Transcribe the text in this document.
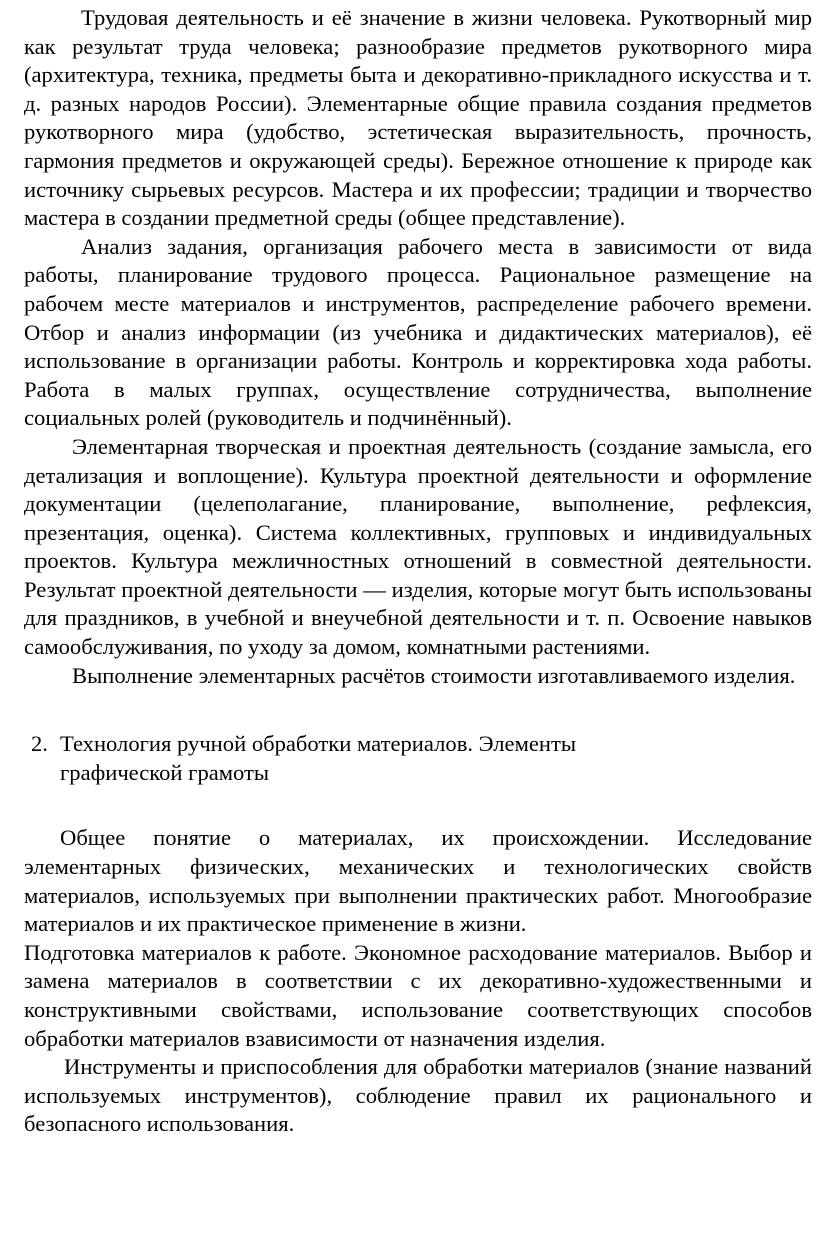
Трудовая деятельность и её значение в жизни человека. Рукотворный мир как результат труда человека; разнообразие предметов рукотворного мира (архитектура, техника, предметы быта и декоративно-прикладного искусства и т. д. разных народов России). Элементарные общие правила создания предметов рукотворного мира (удобство, эстетическая выразительность, прочность, гармония предметов и окружающей среды). Бережное отношение к природе как источнику сырьевых ресурсов. Мастера и их профессии; традиции и творчество мастера в создании предметной среды (общее представление).

Анализ задания, организация рабочего места в зависимости от вида работы, планирование трудового процесса. Рациональное размещение на рабочем месте материалов и инструментов, распределение рабочего времени. Отбор и анализ информации (из учебника и дидактических материалов), её использование в организации работы. Контроль и корректировка хода работы. Работа в малых группах, осуществление сотрудничества, выполнение социальных ролей (руководитель и подчинённый).

Элементарная творческая и проектная деятельность (создание замысла, его детализация и воплощение). Культура проектной деятельности и оформление документации (целеполагание, планирование, выполнение, рефлексия, презентация, оценка). Система коллективных, групповых и индивидуальных проектов. Культура межличностных отношений в совместной деятельности. Результат проектной деятельности — изделия, которые могут быть использованы для праздников, в учебной и внеучебной деятельности и т. п. Освоение навыков самообслуживания, по уходу за домом, комнатными растениями.

Выполнение элементарных расчётов стоимости изготавливаемого изделия.

2. Технология ручной обработки материалов. Элементы
графической грамоты

Общее понятие о материалах, их происхождении. Исследование элементарных физических, механических и технологических свойств материалов, используемых при выполнении практических работ. Многообразие материалов и их практическое применение в жизни.

Подготовка материалов к работе. Экономное расходование материалов. Выбор и замена материалов в соответствии с их декоративно-художественными и конструктивными свойствами, использование соответствующих способов обработки материалов взависимости от назначения изделия.

Инструменты и приспособления для обработки материалов (знание названий используемых инструментов), соблюдение правил их рационального и безопасного использования.
